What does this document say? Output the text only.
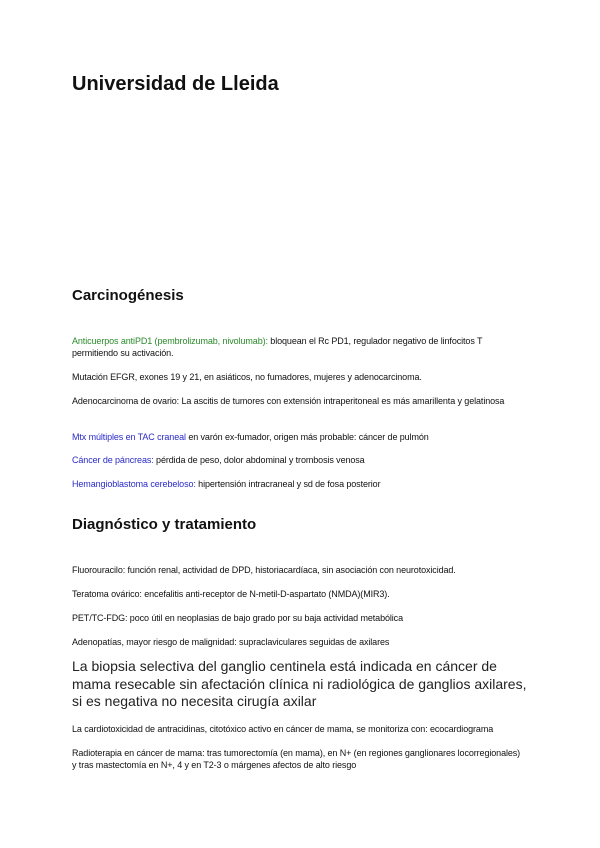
Universidad de Lleida
Carcinogénesis

Anticuerpos antiPD1 (pembrolizumab, nivolumab): bloquean el Rc PD1, regulador negativo de linfocitos T permitiendo su activación.

Mutación EFGR, exones 19 y 21, en asiáticos, no fumadores, mujeres y adenocarcinoma.

Adenocarcinoma de ovario: La ascitis de tumores con extensión intraperitoneal es más amarillenta y gelatinosa

Mtx múltiples en TAC craneal en varón ex-fumador, origen más probable: cáncer de pulmón

Cáncer de páncreas: pérdida de peso, dolor abdominal y trombosis venosa

Hemangioblastoma cerebeloso: hipertensión intracraneal y sd de fosa posterior

Diagnóstico y tratamiento

Fluorouracilo: función renal, actividad de DPD, historiacardíaca, sin asociación con neurotoxicidad.

Teratoma ovárico: encefalitis anti-receptor de N-metil-D-aspartato (NMDA)(MIR3).

PET/TC-FDG: poco útil en neoplasias de bajo grado por su baja actividad metabólica

Adenopatías, mayor riesgo de malignidad: supraclaviculares seguidas de axilares

La biopsia selectiva del ganglio centinela está indicada en cáncer de mama resecable sin afectación clínica ni radiológica de ganglios axilares, si es negativa no necesita cirugía axilar

La cardiotoxicidad de antracidinas, citotóxico activo en cáncer de mama, se monitoriza con: ecocardiograma

Radioterapia en cáncer de mama: tras tumorectomía (en mama), en N+ (en regiones ganglionares locorregionales) y tras mastectomía en N+, 4 y en T2-3 o márgenes afectos de alto riesgo
